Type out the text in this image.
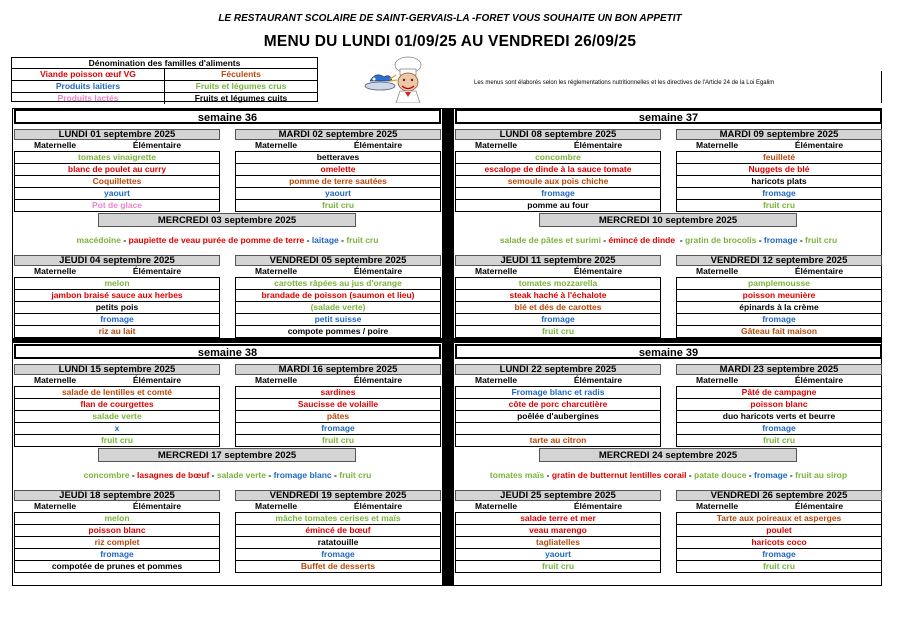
LE RESTAURANT SCOLAIRE DE SAINT-GERVAIS-LA -FORET VOUS SOUHAITE UN BON APPETIT
MENU DU LUNDI 01/09/25 AU VENDREDI 26/09/25
Dénomination des familles d'aliments
Viande poisson œuf VG	Féculents
Produits laitiers	Fruits et légumes crus
Produits lactés	Fruits et légumes cuits
Les menus sont élaborés selon les réglementations nutritionnelles et les directives de l'Article 24 de la Loi Egalim
semaine 36
LUNDI 01 septembre 2025
Maternelle	Élémentaire
tomates vinaigrette
blanc de poulet au curry
Coquillettes
yaourt
Pot de glace
MARDI 02 septembre 2025
Maternelle	Élémentaire
betteraves
omelette
pomme de terre sautées
yaourt
fruit cru
JEUDI 04 septembre 2025
Maternelle	Élémentaire
melon
jambon braisé sauce aux herbes
petits pois
fromage
riz au lait
VENDREDI 05 septembre 2025
Maternelle	Élémentaire
carottes râpées au jus d'orange
brandade de poisson (saumon et lieu)
(salade verte)
petit suisse
compote pommes / poire
MERCREDI 03 septembre 2025
macédoine - paupiette de veau purée de pomme de terre - laitage - fruit cru
semaine 37
LUNDI 08 septembre 2025
Maternelle	Élémentaire
concombre
escalope de dinde à la sauce tomate
semoule aux pois chiche
fromage
pomme au four
MARDI 09 septembre 2025
Maternelle	Élémentaire
feuilleté
Nuggets de blé
haricots plats
fromage
fruit cru
JEUDI 11 septembre 2025
Maternelle	Élémentaire
tomates mozzarella
steak haché à l'échalote
blé et dés de carottes
fromage
fruit cru
VENDREDI 12 septembre 2025
Maternelle	Élémentaire
pamplemousse
poisson meunière
épinards à la crème
fromage
Gâteau fait maison
MERCREDI 10 septembre 2025
salade de pâtes et surimi - émincé de dinde  - gratin de brocolis - fromage - fruit cru
semaine 38
LUNDI 15 septembre 2025
Maternelle	Élémentaire
salade de lentilles et comté
flan de courgettes
salade verte
x
fruit cru
MARDI 16 septembre 2025
Maternelle	Élémentaire
sardines
Saucisse de volaille
pâtes
fromage
fruit cru
JEUDI 18 septembre 2025
Maternelle	Élémentaire
melon
poisson blanc
riz complet
fromage
compotée de prunes et pommes
VENDREDI 19 septembre 2025
Maternelle	Élémentaire
mâche tomates cerises et maïs
émincé de bœuf
ratatouille
fromage
Buffet de desserts
MERCREDI 17 septembre 2025
concombre - lasagnes de bœuf - salade verte - fromage blanc - fruit cru
semaine 39
LUNDI 22 septembre 2025
Maternelle	Élémentaire
Fromage blanc et radis
côte de porc charcutière
poêlée d'aubergines
tarte au citron
MARDI 23 septembre 2025
Maternelle	Élémentaire
Pâté de campagne
poisson blanc
duo haricots verts et beurre
fromage
fruit cru
JEUDI 25 septembre 2025
Maternelle	Élémentaire
salade terre et mer
veau marengo
tagliatelles
yaourt
fruit cru
VENDREDI 26 septembre 2025
Maternelle	Élémentaire
Tarte aux poireaux et asperges
poulet
haricots coco
fromage
fruit cru
MERCREDI 24 septembre 2025
tomates maïs - gratin de butternut lentilles corail - patate douce - fromage - fruit au sirop
